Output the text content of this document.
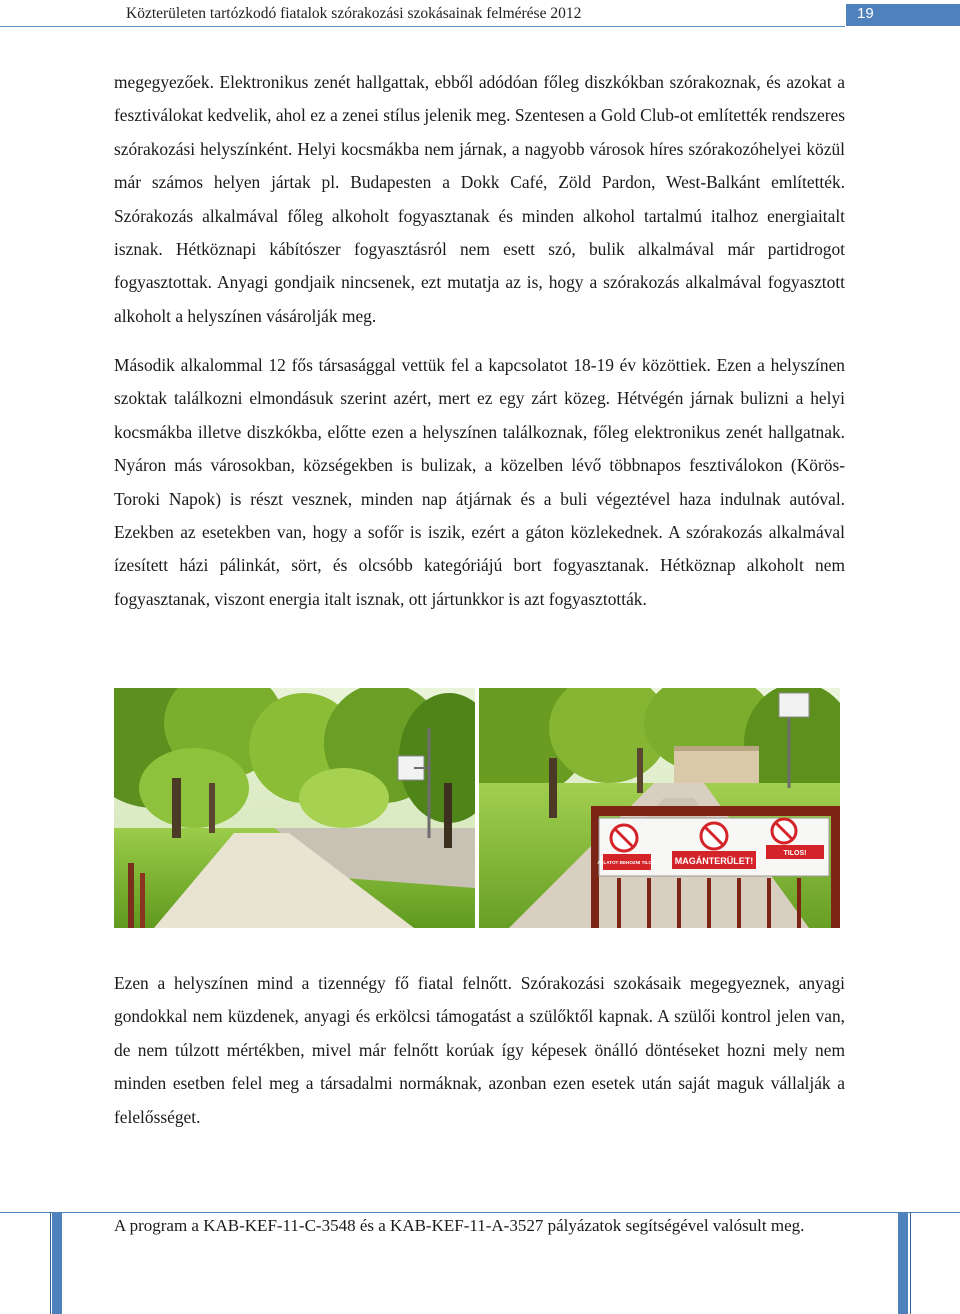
Közterületen tartózkodó fiatalok szórakozási szokásainak felmérése 2012	19

megegyezőek. Elektronikus zenét hallgattak, ebből adódóan főleg diszkókban szórakoznak, és azokat a fesztiválokat kedvelik, ahol ez a zenei stílus jelenik meg. Szentesen a Gold Club-ot említették rendszeres szórakozási helyszínként. Helyi kocsmákba nem járnak, a nagyobb városok híres szórakozóhelyei közül már számos helyen jártak pl. Budapesten a Dokk Café, Zöld Pardon, West-Balkánt említették. Szórakozás alkalmával főleg alkoholt fogyasztanak és minden alkohol tartalmú italhoz energiaitalt isznak. Hétköznapi kábítószer fogyasztásról nem esett szó, bulik alkalmával már partidrogot fogyasztottak. Anyagi gondjaik nincsenek, ezt mutatja az is, hogy a szórakozás alkalmával fogyasztott alkoholt a helyszínen vásárolják meg.

Második alkalommal 12 fős társasággal vettük fel a kapcsolatot 18-19 év közöttiek. Ezen a helyszínen szoktak találkozni elmondásuk szerint azért, mert ez egy zárt közeg. Hétvégén járnak bulizni a helyi kocsmákba illetve diszkókba, előtte ezen a helyszínen találkoznak, főleg elektronikus zenét hallgatnak. Nyáron más városokban, községekben is bulizak, a közelben lévő többnapos fesztiválokon (Körös- Toroki Napok) is részt vesznek, minden nap átjárnak és a buli végeztével haza indulnak autóval. Ezekben az esetekben van, hogy a sofőr is iszik, ezért a gáton közlekednek. A szórakozás alkalmával ízesített házi pálinkát, sört, és olcsóbb kategóriájú bort fogyasztanak. Hétköznap alkoholt nem fogyasztanak, viszont energia italt isznak, ott jártunkkor is azt fogyasztották.

ÁLLATOT BEHOZNI TILOS! MAGÁNTERÜLET!
TILOS!

Ezen a helyszínen mind a tizennégy fő fiatal felnőtt. Szórakozási szokásaik megegyeznek, anyagi gondokkal nem küzdenek, anyagi és erkölcsi támogatást a szülőktől kapnak. A szülői kontrol jelen van, de nem túlzott mértékben, mivel már felnőtt korúak így képesek önálló döntéseket hozni mely nem minden esetben felel meg a társadalmi normáknak, azonban ezen esetek után saját maguk vállalják a felelősséget.

A program a KAB-KEF-11-C-3548 és a KAB-KEF-11-A-3527 pályázatok segítségével valósult meg.
